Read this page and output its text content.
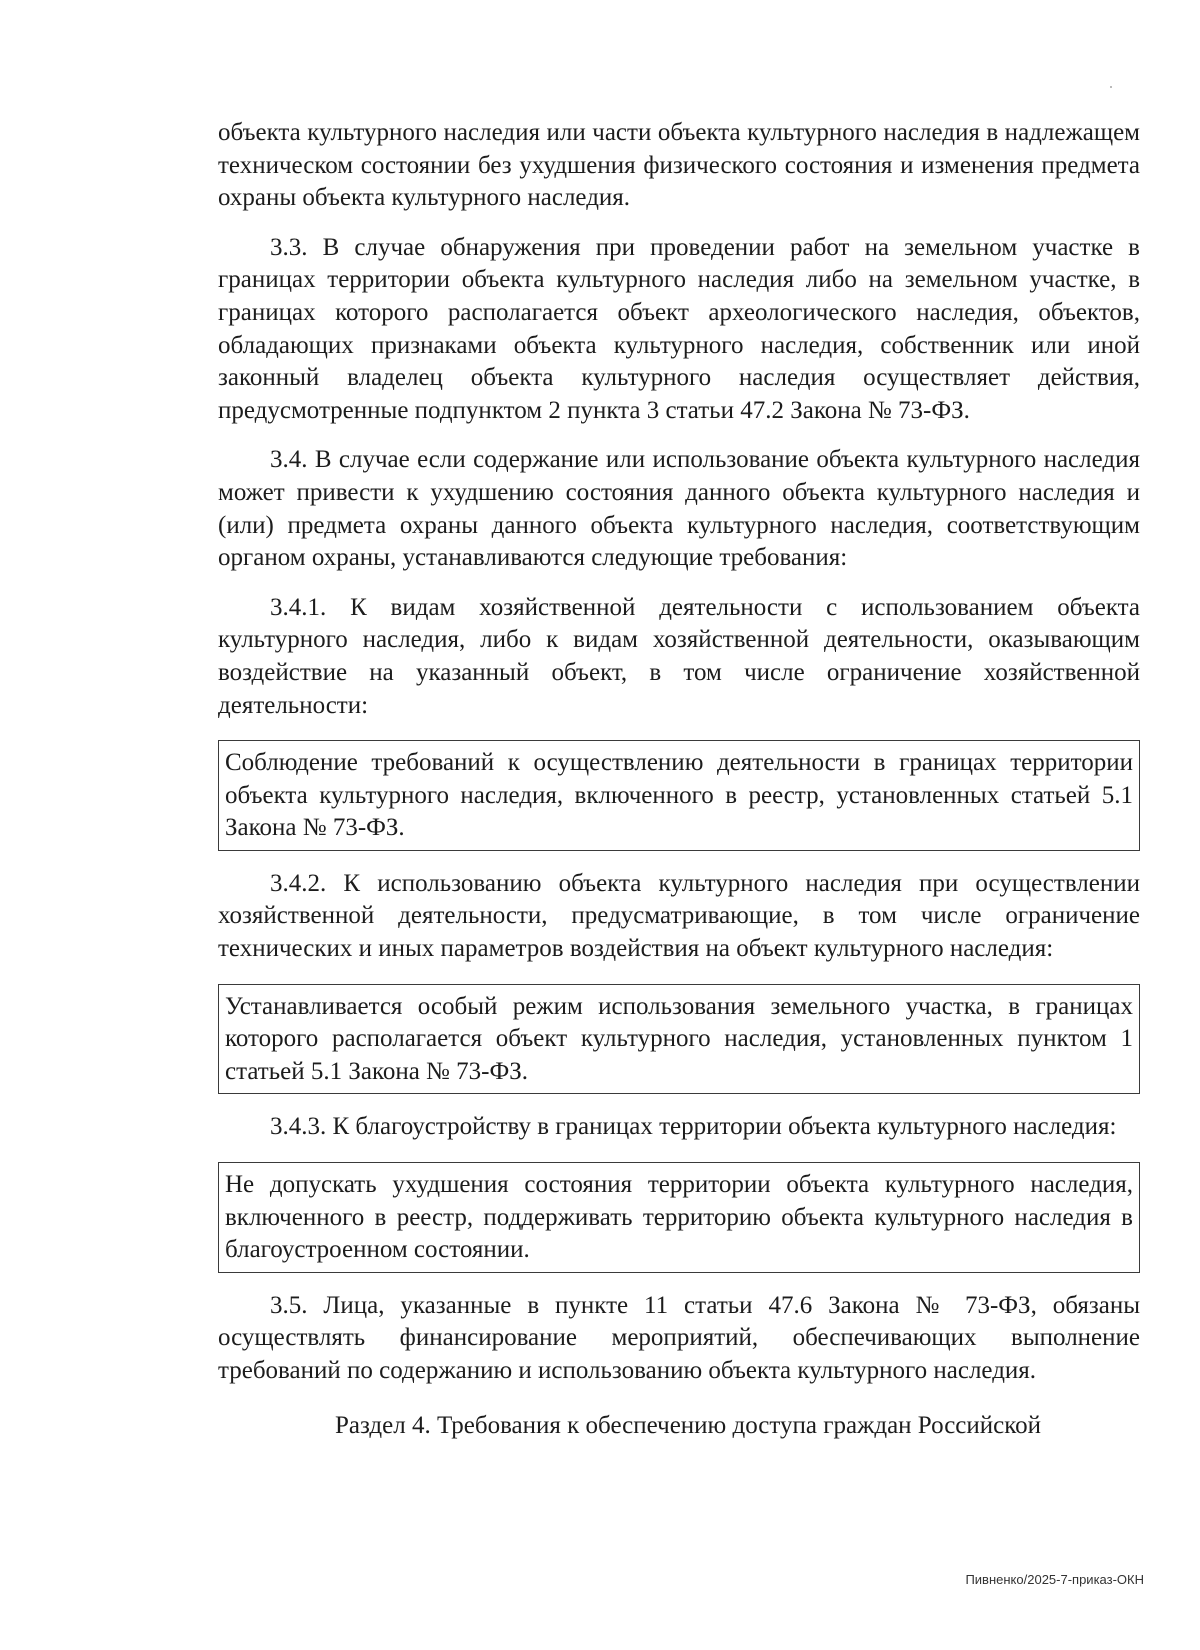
объекта культурного наследия или части объекта культурного наследия в надлежащем техническом состоянии без ухудшения физического состояния и изменения предмета охраны объекта культурного наследия.

3.3. В случае обнаружения при проведении работ на земельном участке в границах территории объекта культурного наследия либо на земельном участке, в границах которого располагается объект археологического наследия, объектов, обладающих признаками объекта культурного наследия, собственник или иной законный владелец объекта культурного наследия осуществляет действия, предусмотренные подпунктом 2 пункта 3 статьи 47.2 Закона № 73-ФЗ.

3.4. В случае если содержание или использование объекта культурного наследия может привести к ухудшению состояния данного объекта культурного наследия и (или) предмета охраны данного объекта культурного наследия, соответствующим органом охраны, устанавливаются следующие требования:

3.4.1. К видам хозяйственной деятельности с использованием объекта культурного наследия, либо к видам хозяйственной деятельности, оказывающим воздействие на указанный объект, в том числе ограничение хозяйственной деятельности:

Соблюдение требований к осуществлению деятельности в границах территории объекта культурного наследия, включенного в реестр, установленных статьей 5.1 Закона № 73-ФЗ.

3.4.2. К использованию объекта культурного наследия при осуществлении хозяйственной деятельности, предусматривающие, в том числе ограничение технических и иных параметров воздействия на объект культурного наследия:

Устанавливается особый режим использования земельного участка, в границах которого располагается объект культурного наследия, установленных пунктом 1 статьей 5.1 Закона № 73-ФЗ.

3.4.3. К благоустройству в границах территории объекта культурного наследия:

Не допускать ухудшения состояния территории объекта культурного наследия, включенного в реестр, поддерживать территорию объекта культурного наследия в благоустроенном состоянии.

3.5. Лица, указанные в пункте 11 статьи 47.6 Закона № 73-ФЗ, обязаны осуществлять финансирование мероприятий, обеспечивающих выполнение требований по содержанию и использованию объекта культурного наследия.

Раздел 4. Требования к обеспечению доступа граждан Российской
Пивненко/2025-7-приказ-ОКН
